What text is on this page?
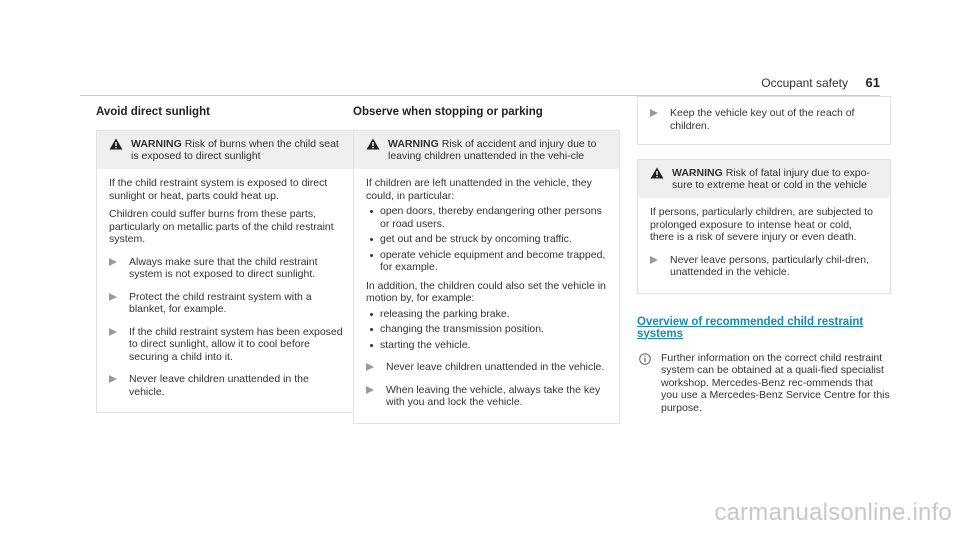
Occupant safety 61
Avoid direct sunlight
WARNING Risk of burns when the child seat is exposed to direct sunlight

If the child restraint system is exposed to direct sunlight or heat, parts could heat up.

Children could suffer burns from these parts, particularly on metallic parts of the child restraint system.

Always make sure that the child restraint system is not exposed to direct sunlight.
Protect the child restraint system with a blanket, for example.
If the child restraint system has been exposed to direct sunlight, allow it to cool before securing a child into it.
Never leave children unattended in the vehicle.
Observe when stopping or parking
WARNING Risk of accident and injury due to leaving children unattended in the vehi-cle

If children are left unattended in the vehicle, they could, in particular:

open doors, thereby endangering other persons or road users.
get out and be struck by oncoming traffic.
operate vehicle equipment and become trapped, for example.

In addition, the children could also set the vehicle in motion by, for example:

releasing the parking brake.
changing the transmission position.
starting the vehicle.
Never leave children unattended in the vehicle.
When leaving the vehicle, always take the key with you and lock the vehicle.
Keep the vehicle key out of the reach of children.
WARNING Risk of fatal injury due to expo-sure to extreme heat or cold in the vehicle

If persons, particularly children, are subjected to prolonged exposure to intense heat or cold, there is a risk of severe injury or even death.

Never leave persons, particularly chil-dren, unattended in the vehicle.
Overview of recommended child restraint systems
Further information on the correct child restraint system can be obtained at a quali-fied specialist workshop. Mercedes-Benz rec-ommends that you use a Mercedes-Benz Service Centre for this purpose.
carmanualsonline.info
